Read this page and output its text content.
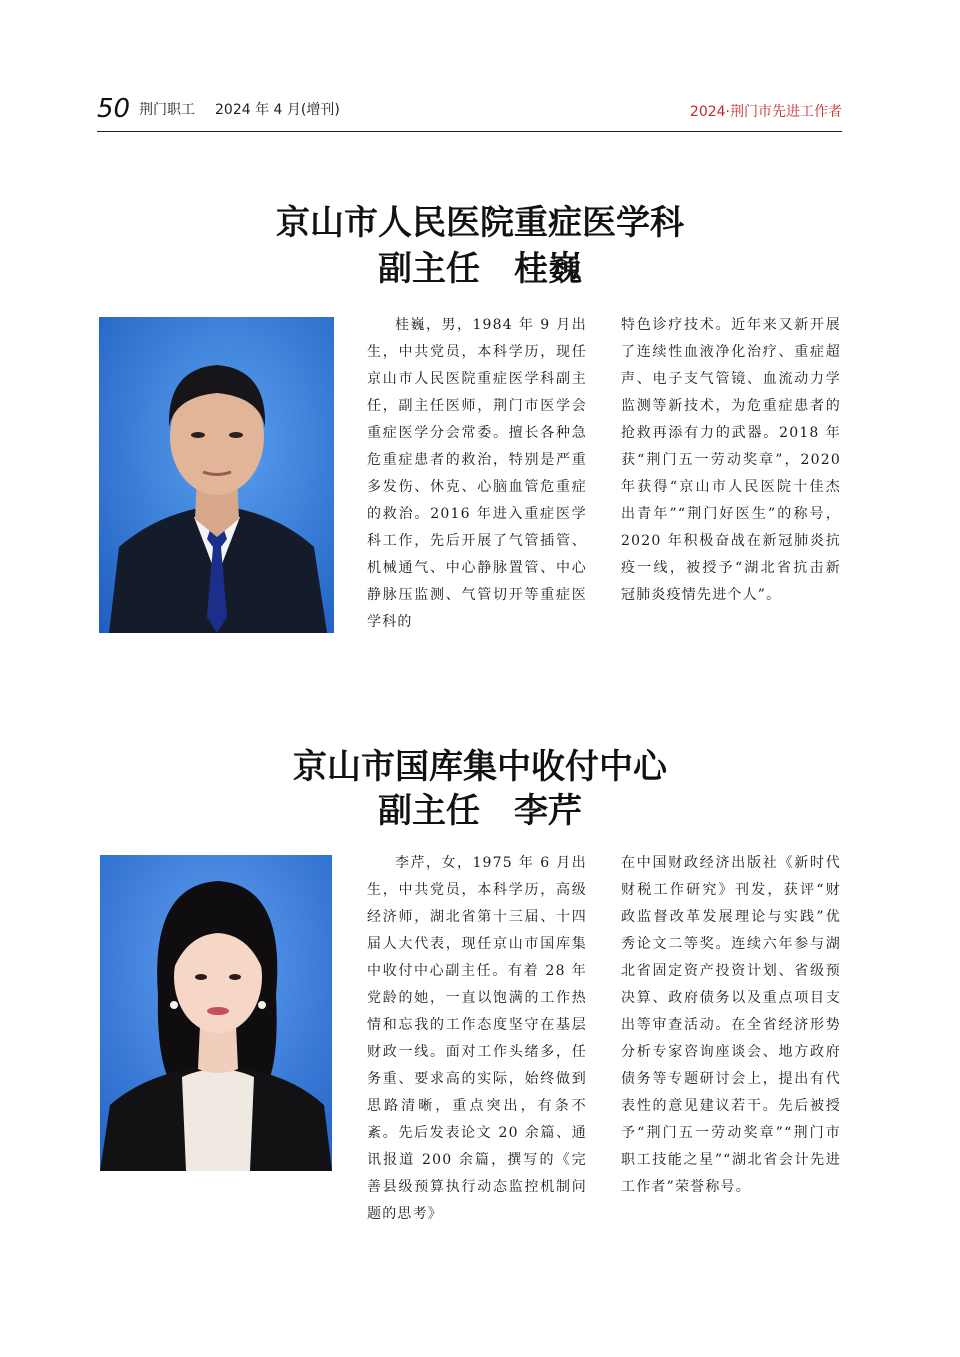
50 荆门职工 2024 年 4 月(增刊)	2024·荆门市先进工作者
京山市人民医院重症医学科
副主任　桂巍
桂巍，男，1984 年 9 月出生，中共党员，本科学历，现任京山市人民医院重症医学科副主任，副主任医师，荆门市医学会重症医学分会常委。擅长各种急危重症患者的救治，特别是严重多发伤、休克、心脑血管危重症的救治。2016 年进入重症医学科工作，先后开展了气管插管、机械通气、中心静脉置管、中心静脉压监测、气管切开等重症医学科的
特色诊疗技术。近年来又新开展了连续性血液净化治疗、重症超声、电子支气管镜、血流动力学监测等新技术，为危重症患者的抢救再添有力的武器。2018 年获“荆门五一劳动奖章”，2020 年获得“京山市人民医院十佳杰出青年”“荆门好医生”的称号，2020 年积极奋战在新冠肺炎抗疫一线，被授予“湖北省抗击新冠肺炎疫情先进个人”。
京山市国库集中收付中心
副主任　李芹
李芹，女，1975 年 6 月出生，中共党员，本科学历，高级经济师，湖北省第十三届、十四届人大代表，现任京山市国库集中收付中心副主任。有着 28 年党龄的她，一直以饱满的工作热情和忘我的工作态度坚守在基层财政一线。面对工作头绪多，任务重、要求高的实际，始终做到思路清晰，重点突出，有条不紊。先后发表论文 20 余篇、通讯报道 200 余篇，撰写的《完善县级预算执行动态监控机制问题的思考》
在中国财政经济出版社《新时代财税工作研究》刊发，获评“财政监督改革发展理论与实践”优秀论文二等奖。连续六年参与湖北省固定资产投资计划、省级预决算、政府债务以及重点项目支出等审查活动。在全省经济形势分析专家咨询座谈会、地方政府债务等专题研讨会上，提出有代表性的意见建议若干。先后被授予“荆门五一劳动奖章”“荆门市职工技能之星”“湖北省会计先进工作者”荣誉称号。
